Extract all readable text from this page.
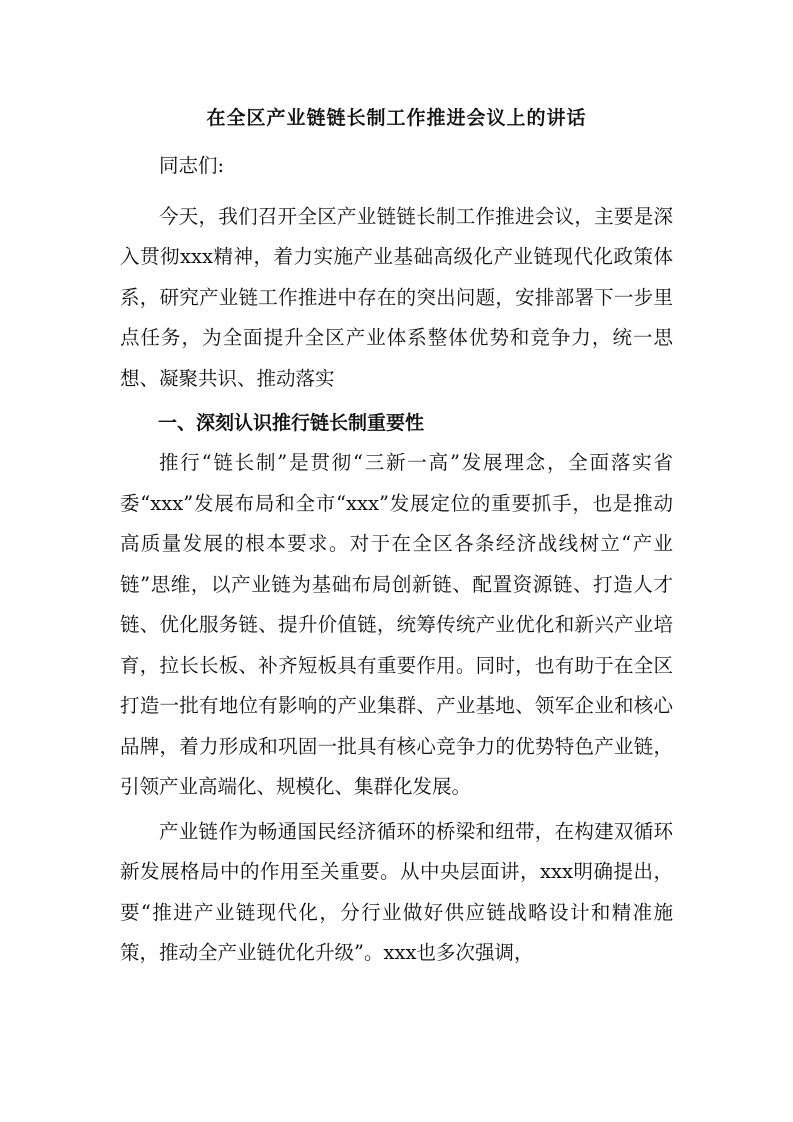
在全区产业链链长制工作推进会议上的讲话

同志们:

今天，我们召开全区产业链链长制工作推进会议，主要是深入贯彻xxx精神，着力实施产业基础高级化产业链现代化政策体系，研究产业链工作推进中存在的突出问题，安排部署下一步里点任务，为全面提升全区产业体系整体优势和竞争力，统一思想、凝聚共识、推动落实

一、深刻认识推行链长制重要性

推行“链长制”是贯彻“三新一高”发展理念，全面落实省委“xxx”发展布局和全市“xxx”发展定位的重要抓手，也是推动高质量发展的根本要求。对于在全区各条经济战线树立“产业链”思维，以产业链为基础布局创新链、配置资源链、打造人才链、优化服务链、提升价值链，统筹传统产业优化和新兴产业培育，拉长长板、补齐短板具有重要作用。同时，也有助于在全区打造一批有地位有影响的产业集群、产业基地、领军企业和核心品牌，着力形成和巩固一批具有核心竞争力的优势特色产业链，引领产业高端化、规模化、集群化发展。

产业链作为畅通国民经济循环的桥梁和纽带，在构建双循环新发展格局中的作用至关重要。从中央层面讲，xxx明确提出，要“推进产业链现代化，分行业做好供应链战略设计和精准施策，推动全产业链优化升级”。xxx也多次强调，
